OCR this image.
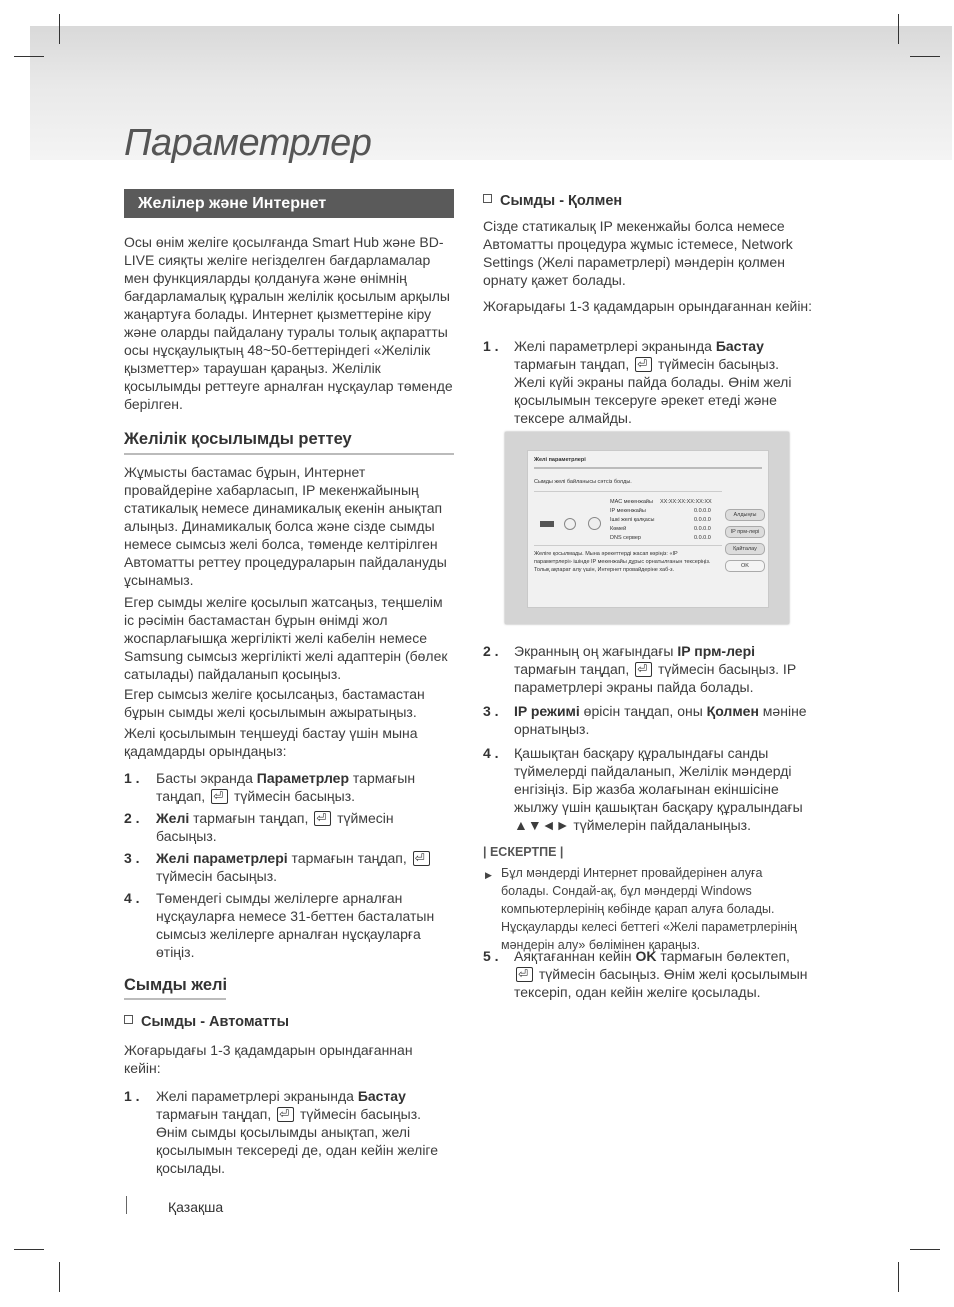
Параметрлер
Желілер және Интернет
Осы өнім желіге қосылғанда Smart Hub және BD-LIVE сияқты желіге негізделген бағдарламалар мен функцияларды қолдануға және өнімнің бағдарламалық құралын желілік қосылым арқылы жаңартуға болады. Интернет қызметтеріне кіру және оларды пайдалану туралы толық ақпаратты осы нұсқаулықтың 48~50-беттеріндегі «Желілік қызметтер» тараушан қараңыз. Желілік қосылымды реттеуге арналған нұсқаулар төменде берілген.
Желілік қосылымды реттеу
Жұмысты бастамас бұрын, Интернет провайдеріне хабарласып, IP мекенжайының статикалық немесе динамикалық екенін анықтап алыңыз. Динамикалық болса және сізде сымды немесе сымсыз желі болса, төменде келтірілген Автоматты реттеу процедураларын пайдалануды ұсынамыз.
Егер сымды желіге қосылып жатсаңыз, теңшелім іс рәсімін бастамастан бұрын өнімді жол жоспарлағышқа жергілікті желі кабелін немесе Samsung сымсыз жергілікті желі адаптерін (бөлек сатылады) пайдаланып қосыңыз.
Егер сымсыз желіге қосылсаңыз, бастамастан бұрын сымды желі қосылымын ажыратыңыз.
Желі қосылымын теңшеуді бастау үшін мына қадамдарды орындаңыз:
1 . Басты экранда Параметрлер тармағын таңдап, ⏎ түймесін басыңыз.
2 . Желі тармағын таңдап, ⏎ түймесін басыңыз.
3 . Желі параметрлері тармағын таңдап, ⏎ түймесін басыңыз.
4 . Төмендегі сымды желілерге арналған нұсқауларға немесе 31-беттен басталатын сымсыз желілерге арналған нұсқауларға өтіңіз.
Сымды желі
Сымды - Автоматты
Жоғарыдағы 1-3 қадамдарын орындағаннан кейін:
1 . Желі параметрлері экранында Бастау тармағын таңдап, ⏎ түймесін басыңыз. Өнім сымды қосылымды анықтап, желі қосылымын тексереді де, одан кейін желіге қосылады.
Қазақша
Сымды - Қолмен
Сізде статикалық IP мекенжайы болса немесе Автоматты процедура жұмыс істемесе, Network Settings (Желі параметрлері) мәндерін қолмен орнату қажет болады.
Жоғарыдағы 1-3 қадамдарын орындағаннан кейін:
1 . Желі параметрлері экранында Бастау тармағын таңдап, ⏎ түймесін басыңыз. Желі күйі экраны пайда болады. Өнім желі қосылымын тексеруге әрекет етеді және тексере алмайды.
Желі параметрлері
Сымды желі байланысы сәтсіз болды.
MAC мекенжайы XX:XX:XX:XX:XX:XX
IP мекенжайы	0.0.0.0
Ішкі желі қалқасы	0.0.0.0
Көмей	0.0.0.0
DNS сервер	0.0.0.0
Желіге қосылмады. Мына әрекеттерді жасап көріңіз: «IP параметрлері» ішінде IP мекенжайы дұрыс орнатылғанын тексеріңіз. Толық ақпарат алу үшін, Интернет провайдеріне хаб-з.
Алдыңғы
IP прм-лері
Қайталау
OK
2 . Экранның оң жағындағы IP прм-лері тармағын таңдап, ⏎ түймесін басыңыз. IP параметрлері экраны пайда болады.
3 . IP режимі өрісін таңдап, оны Қолмен мәніне орнатыңыз.
4 . Қашықтан басқару құралындағы санды түймелерді пайдаланып, Желілік мәндерді енгізіңіз. Бір жазба жолағынан екіншісіне жылжу үшін қашықтан басқару құралындағы ▲▼◄► түймелерін пайдаланыңыз.
| ЕСКЕРТПЕ |
▶ Бұл мәндерді Интернет провайдерінен алуға болады. Сондай-ақ, бұл мәндерді Windows компьютерлерінің көбінде қарап алуға болады. Нұсқауларды келесі беттегі «Желі параметрлерінің мәндерін алу» бөлімінен қараңыз.
5 . Аяқтағаннан кейін OK тармағын бөлектеп, ⏎ түймесін басыңыз. Өнім желі қосылымын тексеріп, одан кейін желіге қосылады.
